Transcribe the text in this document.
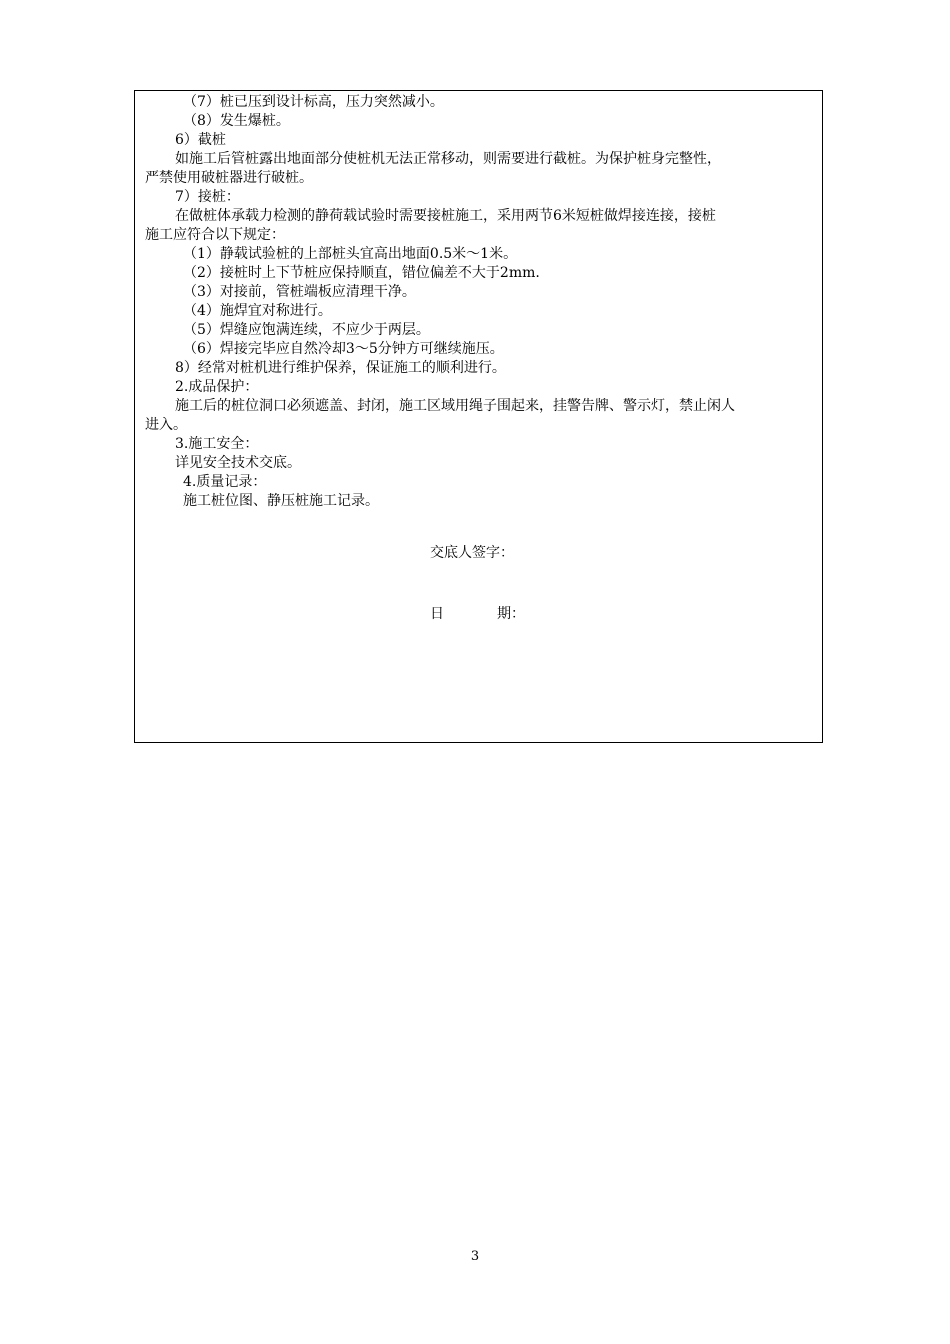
（7）桩已压到设计标高，压力突然减小。
（8）发生爆桩。
6）截桩
如施工后管桩露出地面部分使桩机无法正常移动，则需要进行截桩。为保护桩身完整性，
严禁使用破桩器进行破桩。
7）接桩：
在做桩体承载力检测的静荷载试验时需要接桩施工，采用两节6米短桩做焊接连接，接桩
施工应符合以下规定：
（1）静载试验桩的上部桩头宜高出地面0.5米～1米。
（2）接桩时上下节桩应保持顺直，错位偏差不大于2mm.
（3）对接前，管桩端板应清理干净。
（4）施焊宜对称进行。
（5）焊缝应饱满连续，不应少于两层。
（6）焊接完毕应自然冷却3～5分钟方可继续施压。
8）经常对桩机进行维护保养，保证施工的顺利进行。
2.成品保护：
施工后的桩位洞口必须遮盖、封闭，施工区域用绳子围起来，挂警告牌、警示灯，禁止闲人
进入。
3.施工安全：
详见安全技术交底。
4.质量记录：
施工桩位图、静压桩施工记录。
交底人签字：
日	期：
3
